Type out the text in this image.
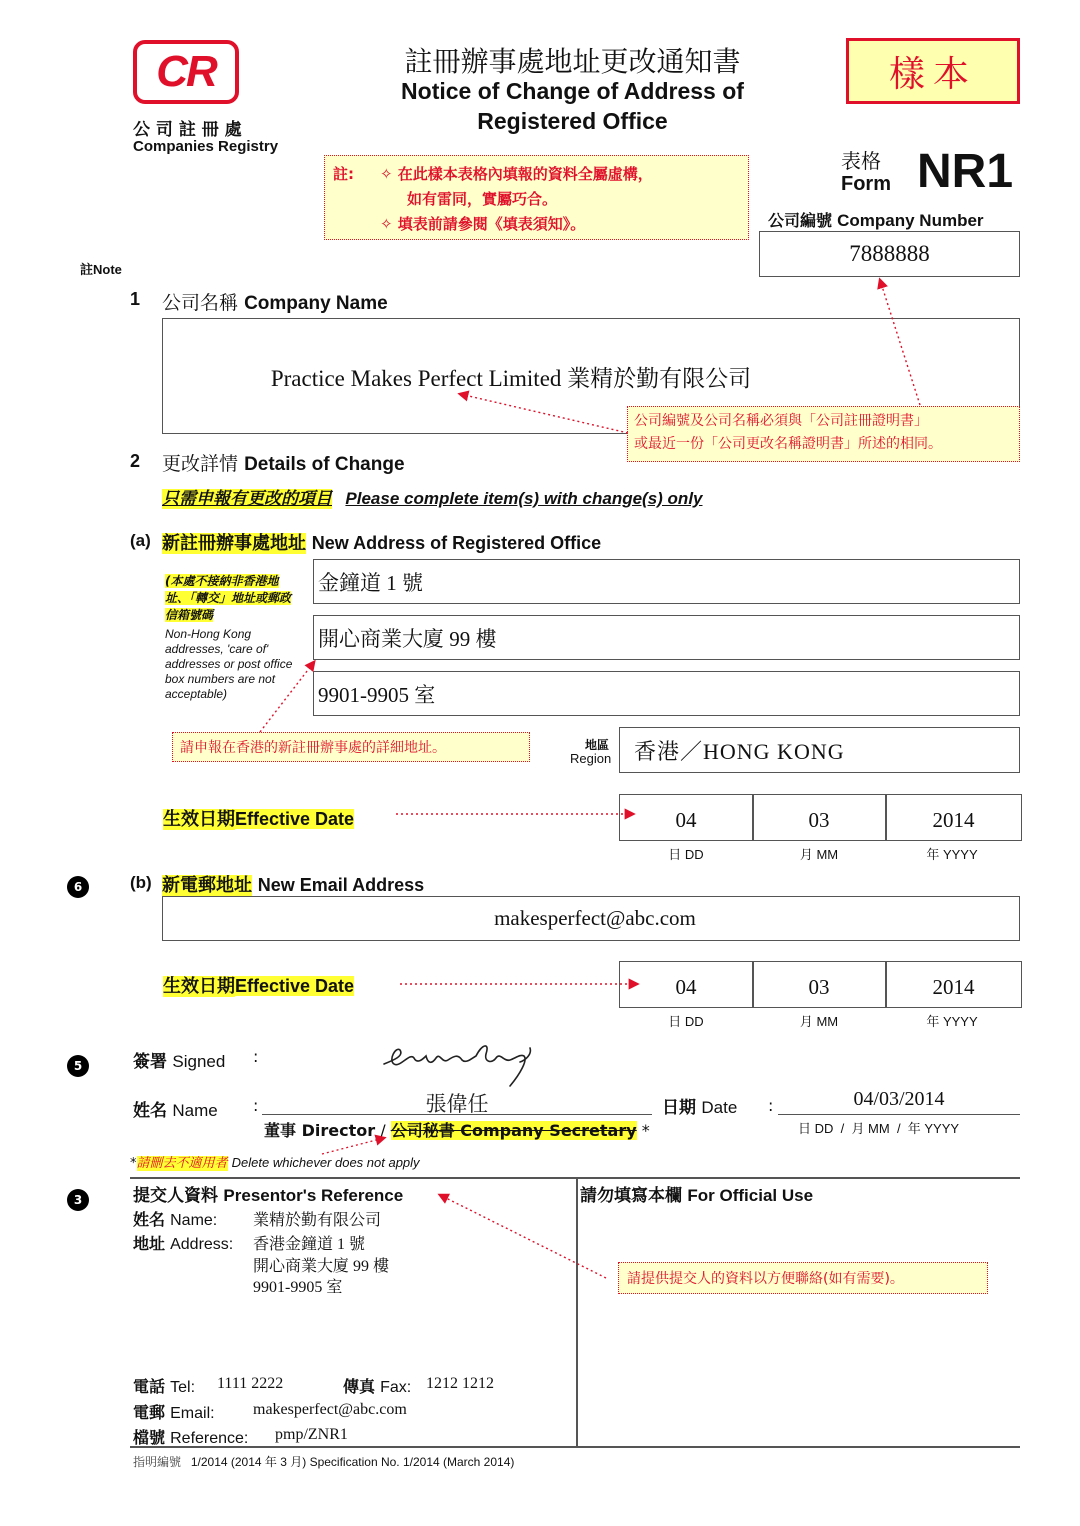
CR
公 司 註 冊 處
Companies Registry
註冊辦事處地址更改通知書
Notice of Change of Address of
Registered Office
樣本
表格
Form NR1
公司編號 Company Number
7888888
註: ✧ 在此樣本表格內填報的資料全屬虛構，
如有雷同，實屬巧合。
✧ 填表前請參閱《填表須知》。
註Note
1 公司名稱 Company Name
Practice Makes Perfect Limited 業精於勤有限公司
公司編號及公司名稱必須與「公司註冊證明書」
或最近一份「公司更改名稱證明書」所述的相同。
2 更改詳情 Details of Change
只需申報有更改的項目 Please complete item(s) with change(s) only
(a) 新註冊辦事處地址 New Address of Registered Office
(本處不接納非香港地址、「轉交」地址或郵政信箱號碼
Non-Hong Kong addresses, 'care of' addresses or post office box numbers are not acceptable)
金鐘道 1 號
開心商業大廈 99 樓
9901-9905 室
請申報在香港的新註冊辦事處的詳細地址。	地區
Region 香港／HONG KONG
生效日期Effective Date	04	03	2014
日 DD	月 MM	年 YYYY
6	(b) 新電郵地址 New Email Address
makesperfect@abc.com
生效日期Effective Date	04	03	2014
日 DD	月 MM	年 YYYY
5	簽署 Signed :
姓名 Name :	張偉任
董事 Director / 公司秘書 Company Secretary *
日期 Date :	04/03/2014
日 DD  /  月 MM  /  年 YYYY
*請刪去不適用者 Delete whichever does not apply
3	提交人資料 Presentor's Reference
姓名 Name: 業精於勤有限公司
地址 Address: 香港金鐘道 1 號
開心商業大廈 99 樓
9901-9905 室
電話 Tel: 1111 2222	傳真 Fax: 1212 1212
電郵 Email: makesperfect@abc.com
檔號 Reference: pmp/ZNR1
請勿填寫本欄 For Official Use
請提供提交人的資料以方便聯絡(如有需要)。
指明編號 1/2014 (2014 年 3 月) Specification No. 1/2014 (March 2014)
